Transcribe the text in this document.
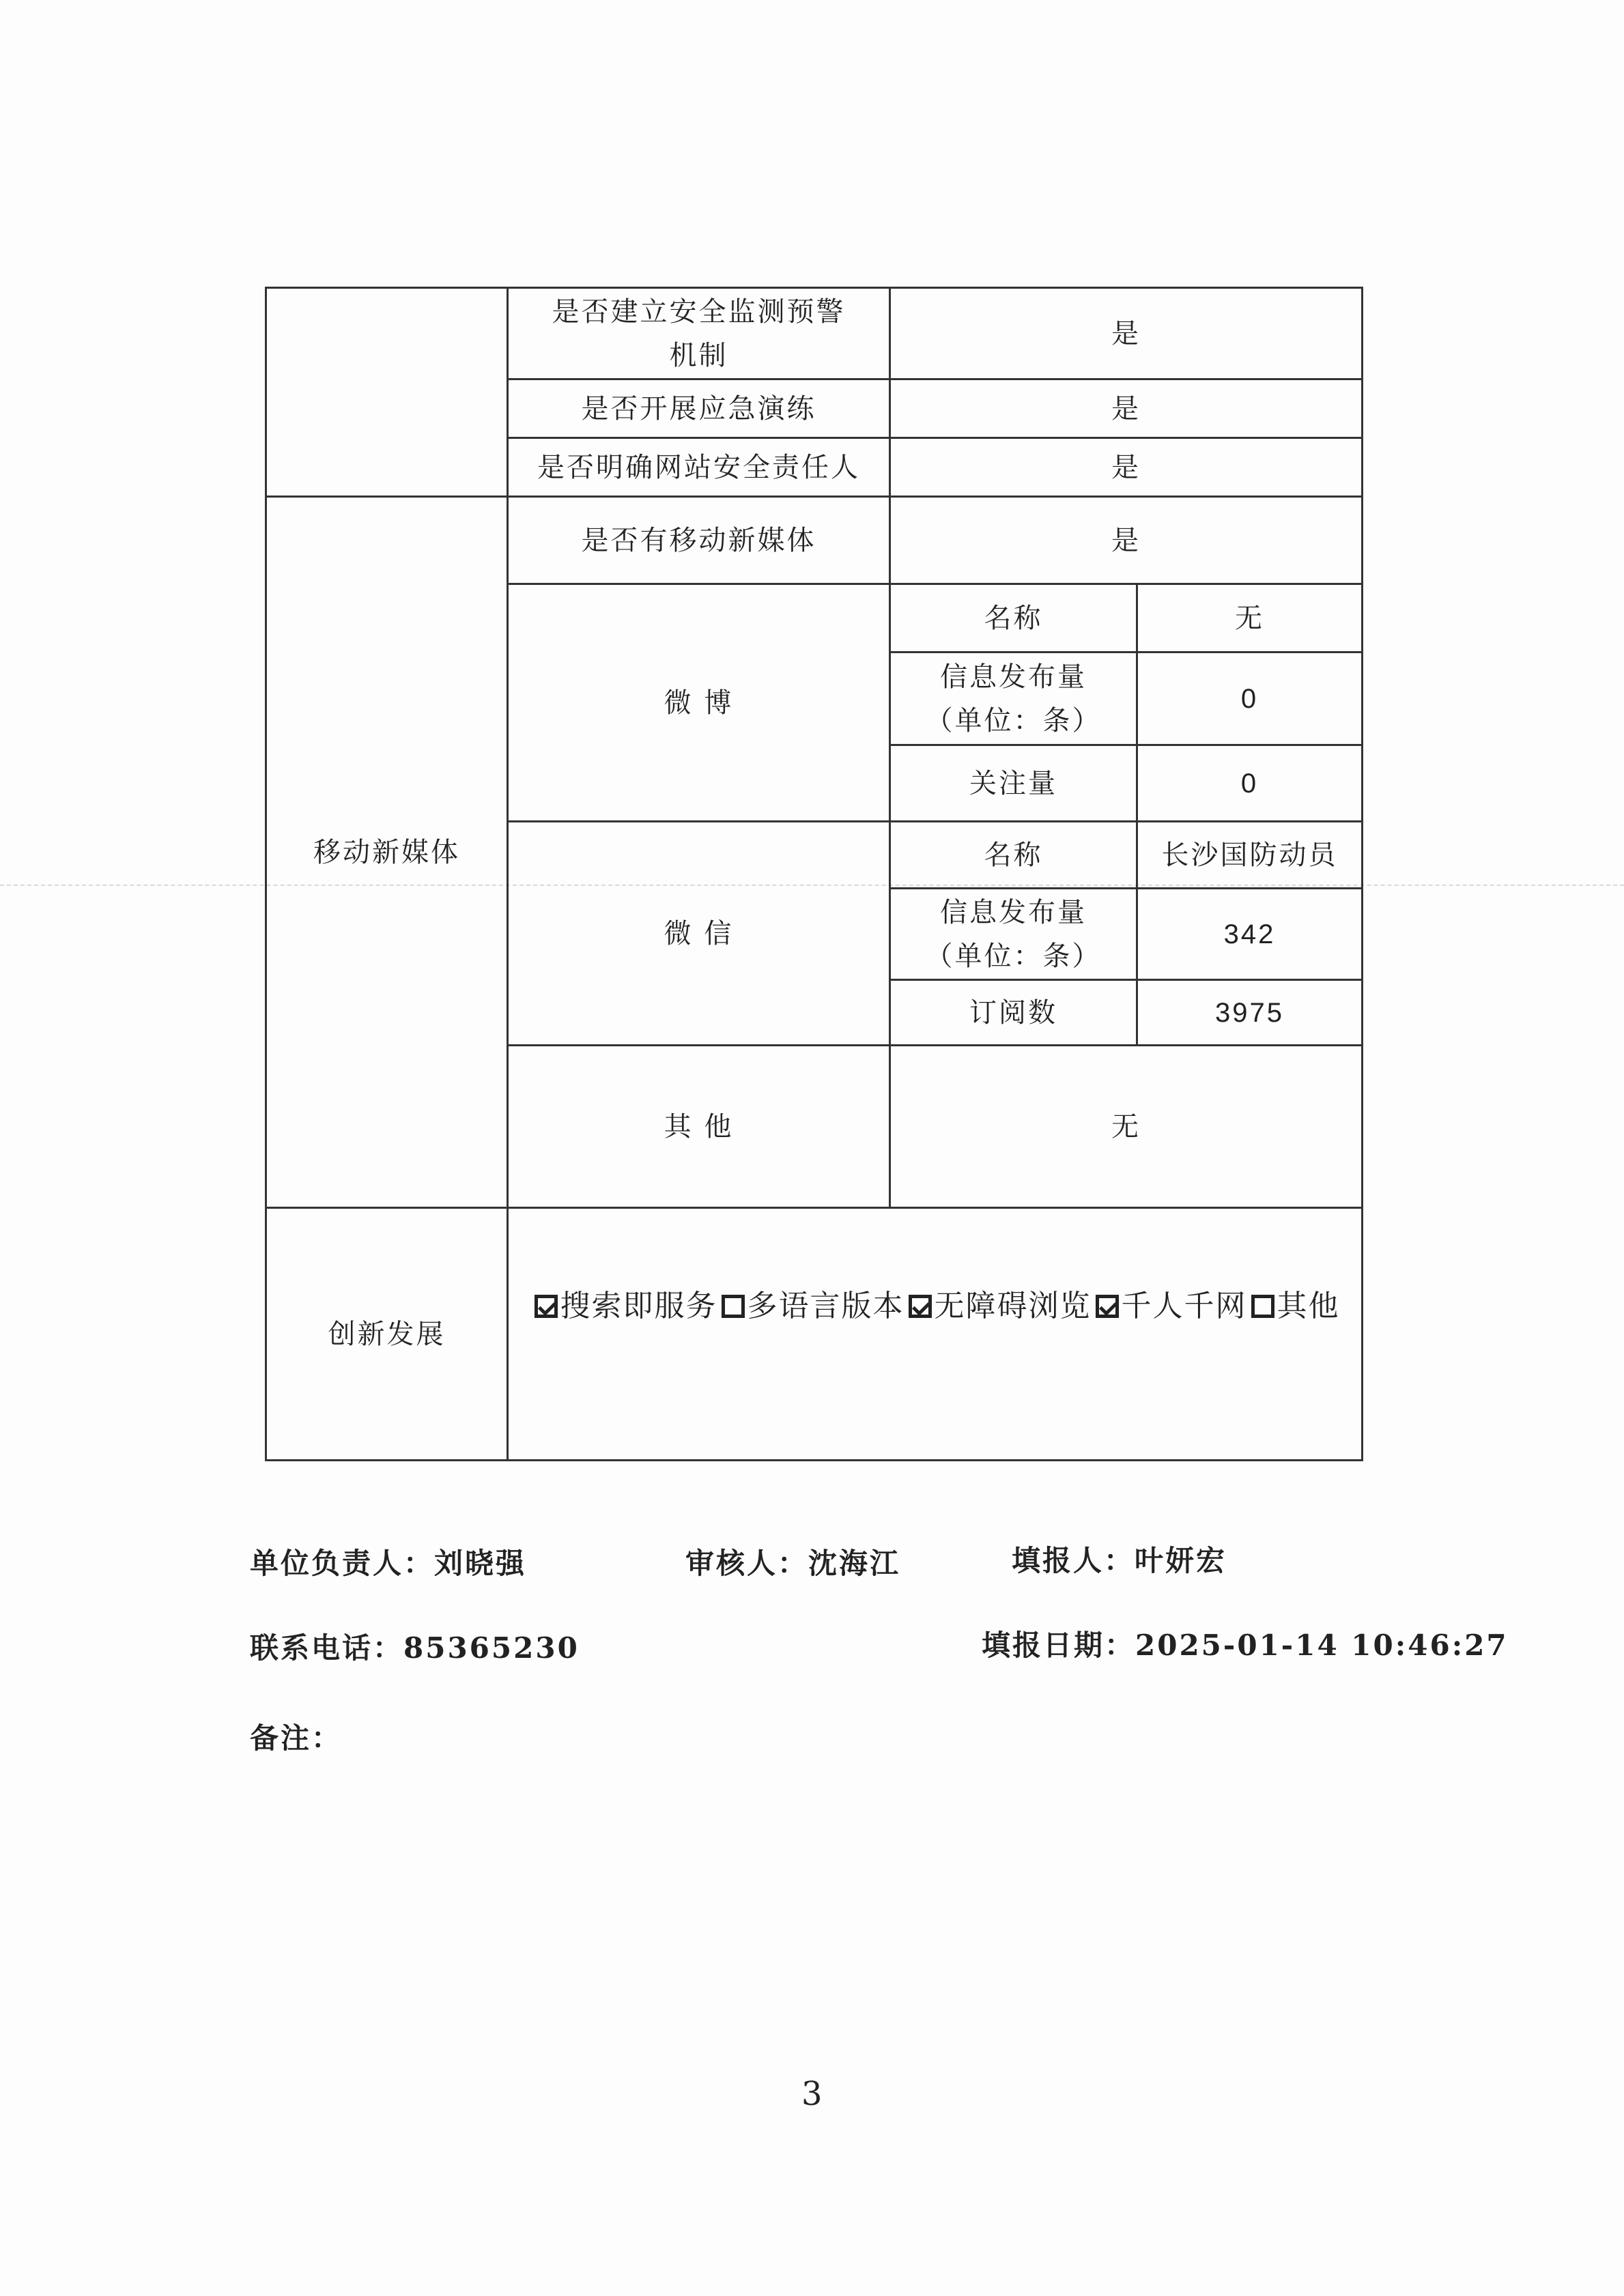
	是否建立安全监测预警机制	是	
	是否开展应急演练	是	
	是否明确网站安全责任人	是	
移动新媒体	是否有移动新媒体	是	
	微 博	名称	无

		信息发布量（单位：条）	0
		关注量	0
	微 信	名称	长沙国防动员

		信息发布量（单位：条）	342
		订阅数	3975
	其 他	无	
创新发展	搜索即服务 多语言版本 无障碍浏览 千人千网 其他		
单位负责人：刘晓强	审核人：沈海江	填报人：叶妍宏
联系电话：85365230	填报日期：2025-01-14 10:46:27
备注：
3
